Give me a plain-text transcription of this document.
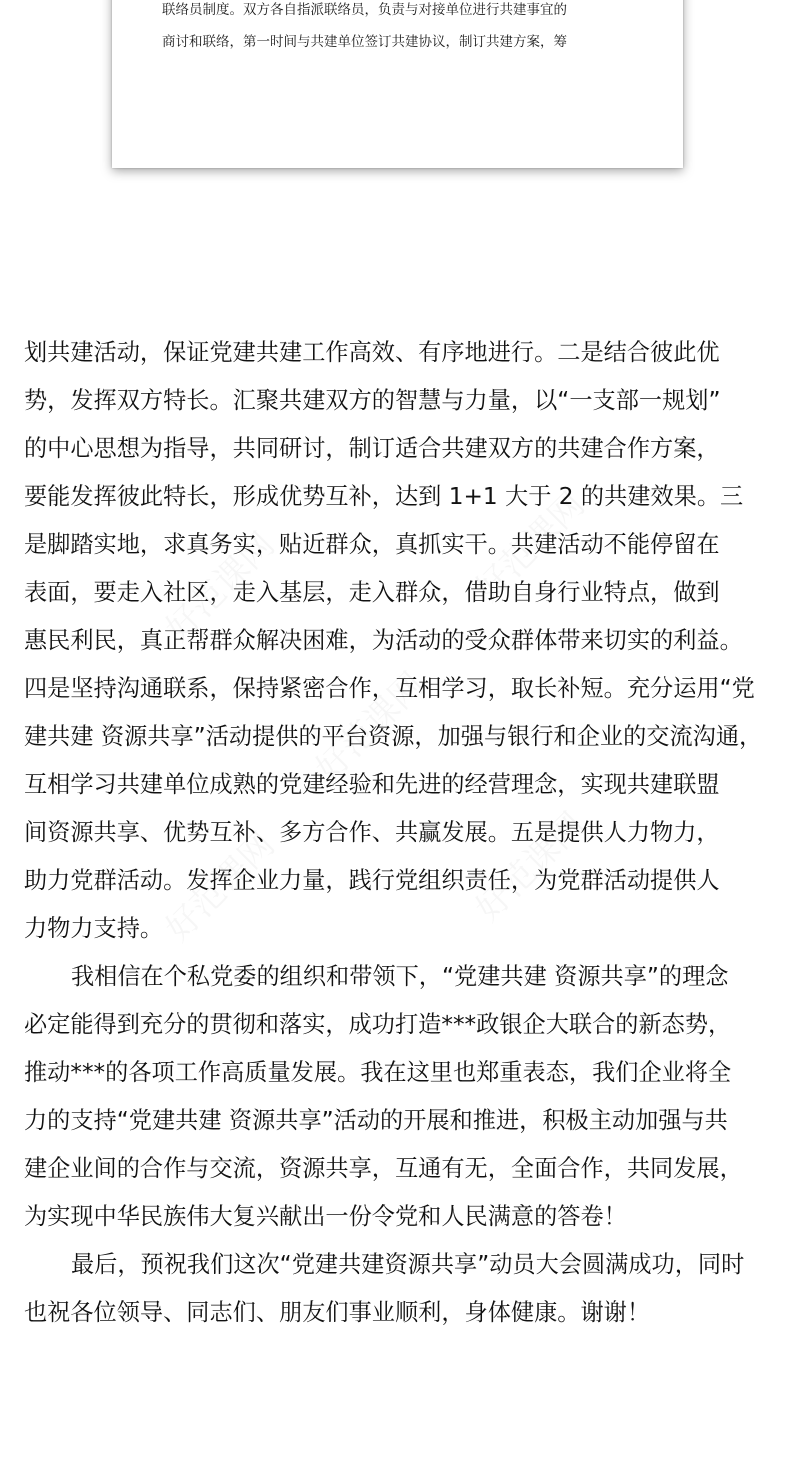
联络员制度。双方各自指派联络员，负责与对接单位进行共建事宜的
商讨和联络，第一时间与共建单位签订共建协议，制订共建方案，筹
划共建活动，保证党建共建工作高效、有序地进行。二是结合彼此优
势，发挥双方特长。汇聚共建双方的智慧与力量，以“一支部一规划”
的中心思想为指导，共同研讨，制订适合共建双方的共建合作方案，
要能发挥彼此特长，形成优势互补，达到 1+1 大于 2 的共建效果。三
是脚踏实地，求真务实，贴近群众，真抓实干。共建活动不能停留在
表面，要走入社区，走入基层，走入群众，借助自身行业特点，做到
惠民利民，真正帮群众解决困难，为活动的受众群体带来切实的利益。
四是坚持沟通联系，保持紧密合作，互相学习，取长补短。充分运用“党
建共建 资源共享”活动提供的平台资源，加强与银行和企业的交流沟通，
互相学习共建单位成熟的党建经验和先进的经营理念，实现共建联盟
间资源共享、优势互补、多方合作、共赢发展。五是提供人力物力，
助力党群活动。发挥企业力量，践行党组织责任，为党群活动提供人
力物力支持。
我相信在个私党委的组织和带领下，“党建共建 资源共享”的理念
必定能得到充分的贯彻和落实，成功打造***政银企大联合的新态势，
推动***的各项工作高质量发展。我在这里也郑重表态，我们企业将全
力的支持“党建共建 资源共享”活动的开展和推进，积极主动加强与共
建企业间的合作与交流，资源共享，互通有无，全面合作，共同发展，
为实现中华民族伟大复兴献出一份令党和人民满意的答卷！
最后，预祝我们这次“党建共建资源共享”动员大会圆满成功，同时
也祝各位领导、同志们、朋友们事业顺利，身体健康。谢谢！
